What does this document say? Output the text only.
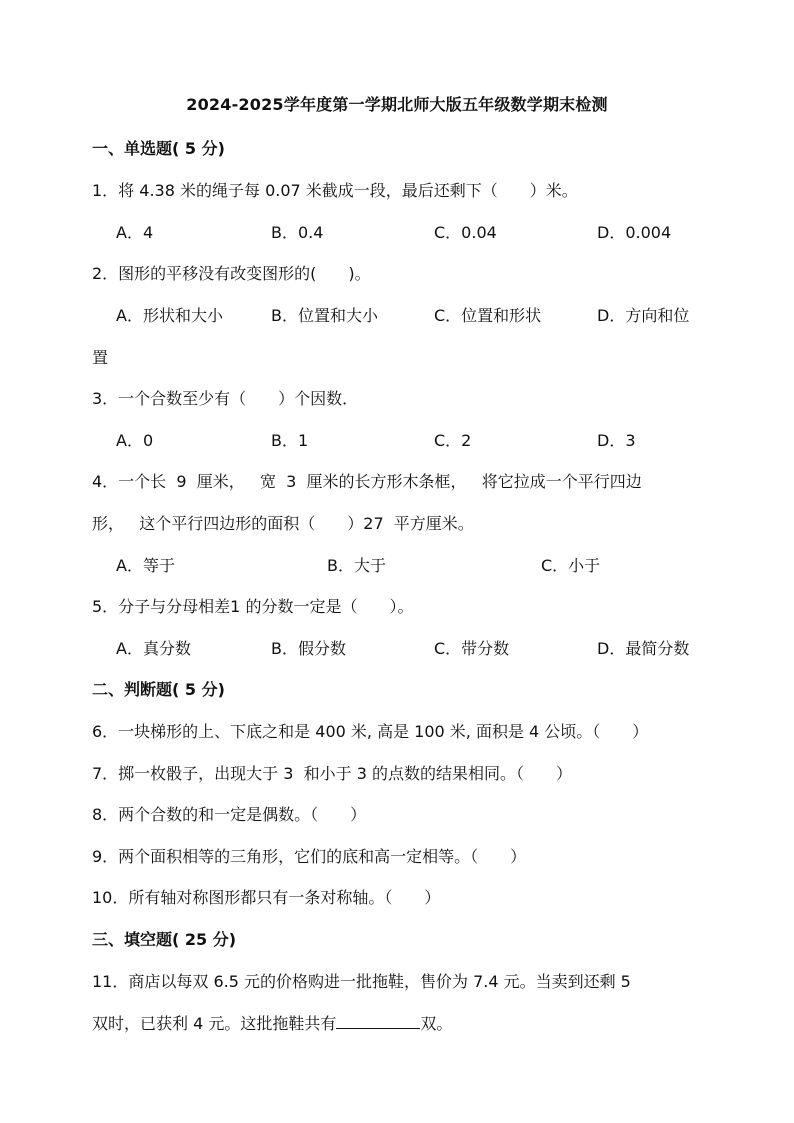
2024-2025学年度第一学期北师大版五年级数学期末检测
一、单选题( 5 分)
1．将 4.38 米的绳子每 0.07 米截成一段，最后还剩下（　　）米。
A．4	B．0.4	C．0.04	D．0.004
2．图形的平移没有改变图形的(　　)。
A．形状和大小	B．位置和大小	C．位置和形状	D．方向和位
置
3．一个合数至少有（　　）个因数．
A．0	B．1	C．2	D．3
4．一个长  9  厘米，   宽  3  厘米的长方形木条框，   将它拉成一个平行四边
形，   这个平行四边形的面积（　　）27  平方厘米。
A．等于	B．大于	C．小于
5．分子与分母相差1 的分数一定是（　　）。
A．真分数	B．假分数	C．带分数	D．最简分数
二、判断题( 5 分)
6．一块梯形的上、下底之和是 400 米, 高是 100 米, 面积是 4 公顷。（　　）
7．掷一枚骰子，出现大于 3  和小于 3 的点数的结果相同。（　　）
8．两个合数的和一定是偶数。（　　）
9．两个面积相等的三角形，它们的底和高一定相等。（　　）
10．所有轴对称图形都只有一条对称轴。（　　）
三、填空题( 25 分)
11．商店以每双 6.5 元的价格购进一批拖鞋，售价为 7.4 元。当卖到还剩 5
双时，已获利 4 元。这批拖鞋共有	双。
